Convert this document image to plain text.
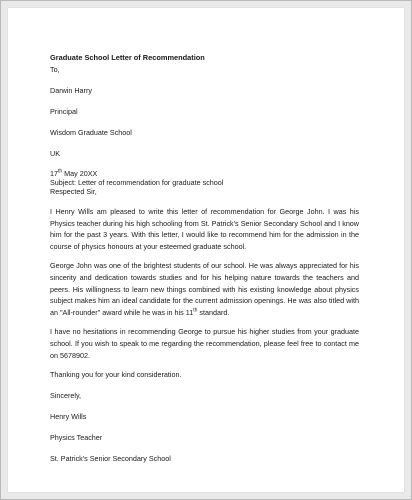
Graduate School Letter of Recommendation
To,
Darwin Harry
Principal
Wisdom Graduate School
UK
17th May 20XX
Subject: Letter of recommendation for graduate school
Respected Sir,

I Henry Wills am pleased to write this letter of recommendation for George John. I was his Physics teacher during his high schooling from St. Patrick's Senior Secondary School and I know him for the past 3 years. With this letter, I would like to recommend him for the admission in the course of physics honours at your esteemed graduate school.

George John was one of the brightest students of our school. He was always appreciated for his sincerity and dedication towards studies and for his helping nature towards the teachers and peers. His willingness to learn new things combined with his existing knowledge about physics subject makes him an ideal candidate for the current admission openings. He was also titled with an "All-rounder" award while he was in his 11th standard.

I have no hesitations in recommending George to pursue his higher studies from your graduate school. If you wish to speak to me regarding the recommendation, please feel free to contact me on 5678902.

Thanking you for your kind consideration.
Sincerely,
Henry Wills
Physics Teacher
St. Patrick's Senior Secondary School
